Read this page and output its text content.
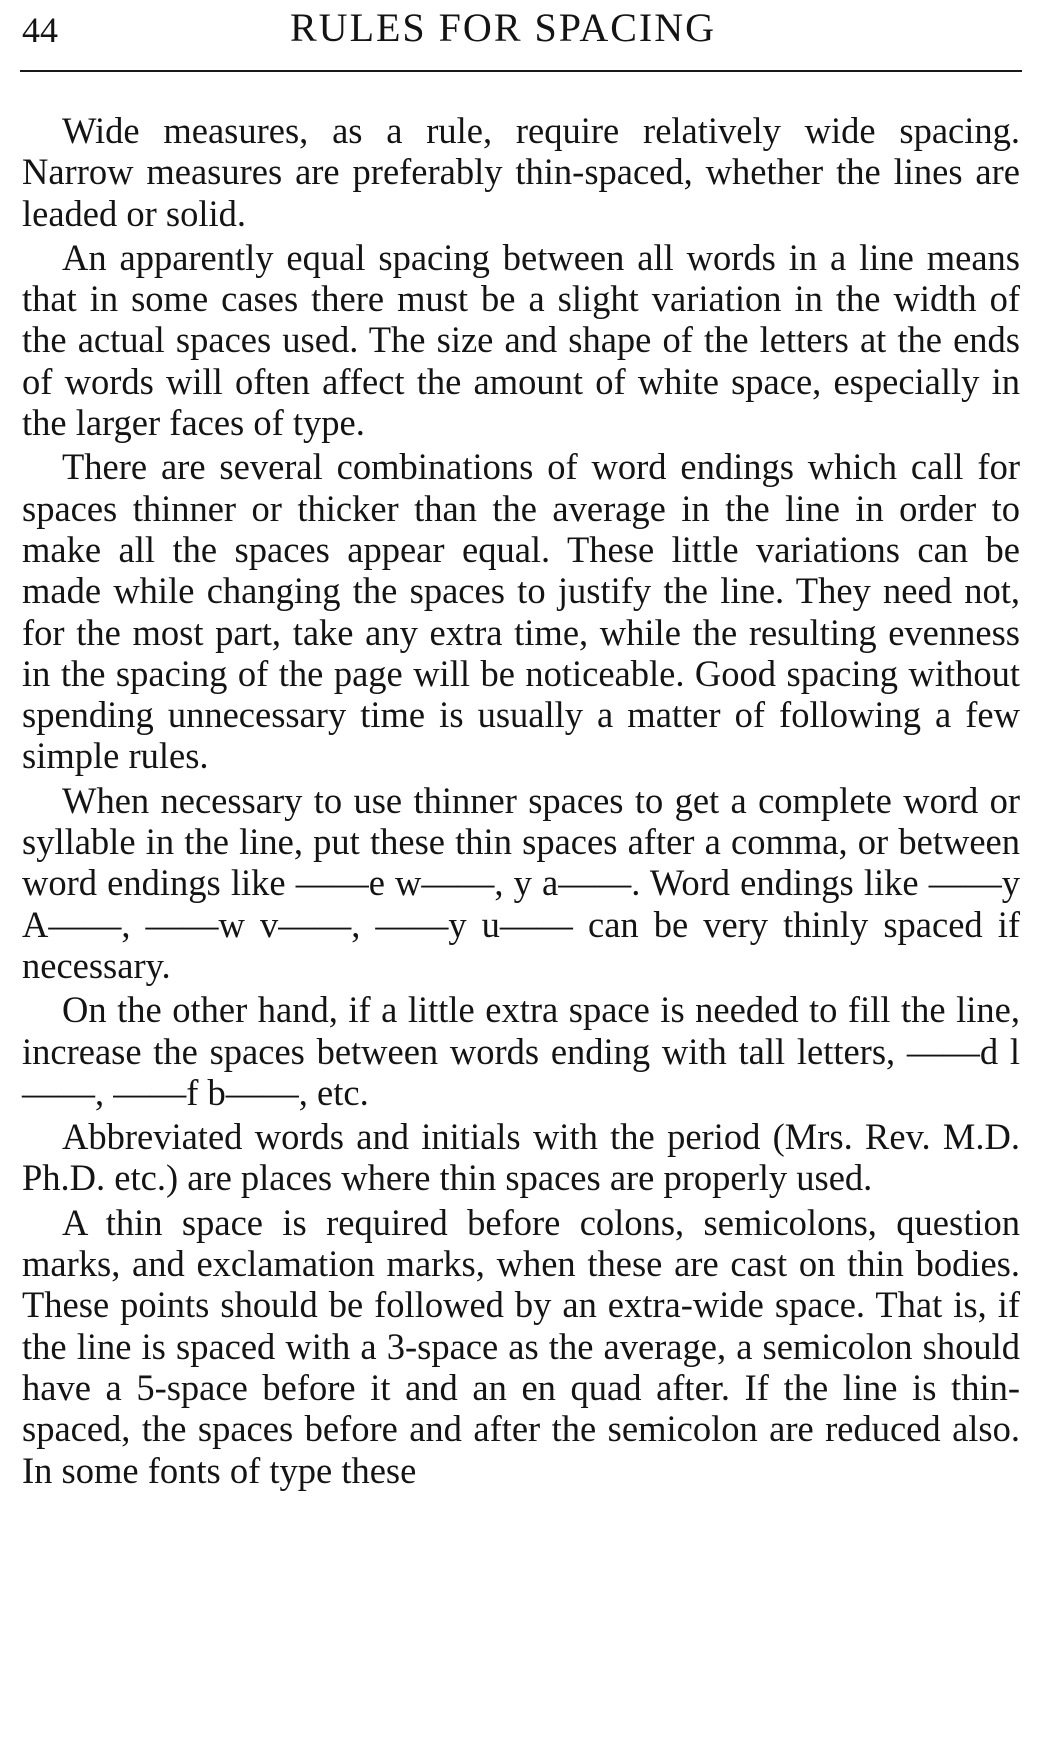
44	RULES FOR SPACING

Wide measures, as a rule, require relatively wide spacing. Narrow measures are preferably thin-spaced, whether the lines are leaded or solid.

An apparently equal spacing between all words in a line means that in some cases there must be a slight variation in the width of the actual spaces used. The size and shape of the letters at the ends of words will often affect the amount of white space, especially in the larger faces of type.

There are several combinations of word endings which call for spaces thinner or thicker than the average in the line in order to make all the spaces appear equal. These little variations can be made while changing the spaces to justify the line. They need not, for the most part, take any extra time, while the resulting evenness in the spacing of the page will be noticeable. Good spacing without spending unnecessary time is usually a matter of following a few simple rules.

When necessary to use thinner spaces to get a complete word or syllable in the line, put these thin spaces after a comma, or between word endings like ——e w——, y a——. Word endings like ——y A——, ——w v——, ——y u—— can be very thinly spaced if necessary.

On the other hand, if a little extra space is needed to fill the line, increase the spaces between words ending with tall letters, ——d l——, ——f b——, etc.

Abbreviated words and initials with the period (Mrs. Rev. M.D. Ph.D. etc.) are places where thin spaces are properly used.

A thin space is required before colons, semicolons, question marks, and exclamation marks, when these are cast on thin bodies. These points should be followed by an extra-wide space. That is, if the line is spaced with a 3-space as the average, a semicolon should have a 5-space before it and an en quad after. If the line is thin-spaced, the spaces before and after the semicolon are reduced also. In some fonts of type these
